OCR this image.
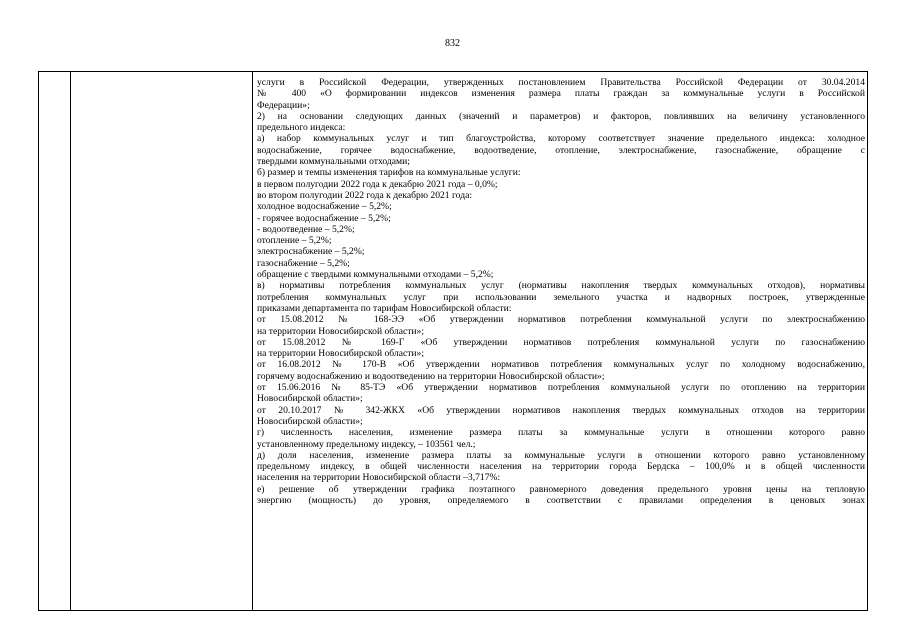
832
услуги в Российской Федерации, утвержденных постановлением Правительства Российской Федерации от 30.04.2014
№ 400 «О формировании индексов изменения размера платы граждан за коммунальные услуги в Российской
Федерации»;
2) на основании следующих данных (значений и параметров) и факторов, повлиявших на величину установленного
предельного индекса:
а) набор коммунальных услуг и тип благоустройства, которому соответствует значение предельного индекса: холодное
водоснабжение, горячее водоснабжение, водоотведение, отопление, электроснабжение, газоснабжение, обращение с
твердыми коммунальными отходами;
б) размер и темпы изменения тарифов на коммунальные услуги:
в первом полугодии 2022 года к декабрю 2021 года – 0,0%;
во втором полугодии 2022 года к декабрю 2021 года:
холодное водоснабжение – 5,2%;
- горячее водоснабжение – 5,2%;
- водоотведение – 5,2%;
отопление – 5,2%;
электроснабжение – 5,2%;
газоснабжение – 5,2%;
обращение с твердыми коммунальными отходами – 5,2%;
в) нормативы потребления коммунальных услуг (нормативы накопления твердых коммунальных отходов), нормативы
потребления коммунальных услуг при использовании земельного участка и надворных построек, утвержденные
приказами департамента по тарифам Новосибирской области:
от 15.08.2012 № 168-ЭЭ «Об утверждении нормативов потребления коммунальной услуги по электроснабжению
на территории Новосибирской области»;
от 15.08.2012 № 169-Г «Об утверждении нормативов потребления коммунальной услуги по газоснабжению
на территории Новосибирской области»;
от 16.08.2012 № 170-В «Об утверждении нормативов потребления коммунальных услуг по холодному водоснабжению,
горячему водоснабжению и водоотведению на территории Новосибирской области»;
от 15.06.2016 № 85-ТЭ «Об утверждении нормативов потребления коммунальной услуги по отоплению на территории
Новосибирской области»;
от 20.10.2017 № 342-ЖКХ «Об утверждении нормативов накопления твердых коммунальных отходов на территории
Новосибирской области»;
г) численность населения, изменение размера платы за коммунальные услуги в отношении которого равно
установленному предельному индексу, – 103561 чел.;
д) доля населения, изменение размера платы за коммунальные услуги в отношении которого равно установленному
предельному индексу, в общей численности населения на территории города Бердска – 100,0% и в общей численности
населения на территории Новосибирской области –3,717%:
е) решение об утверждении графика поэтапного равномерного доведения предельного уровня цены на тепловую
энергию (мощность) до уровня, определяемого в соответствии с правилами определения в ценовых зонах
